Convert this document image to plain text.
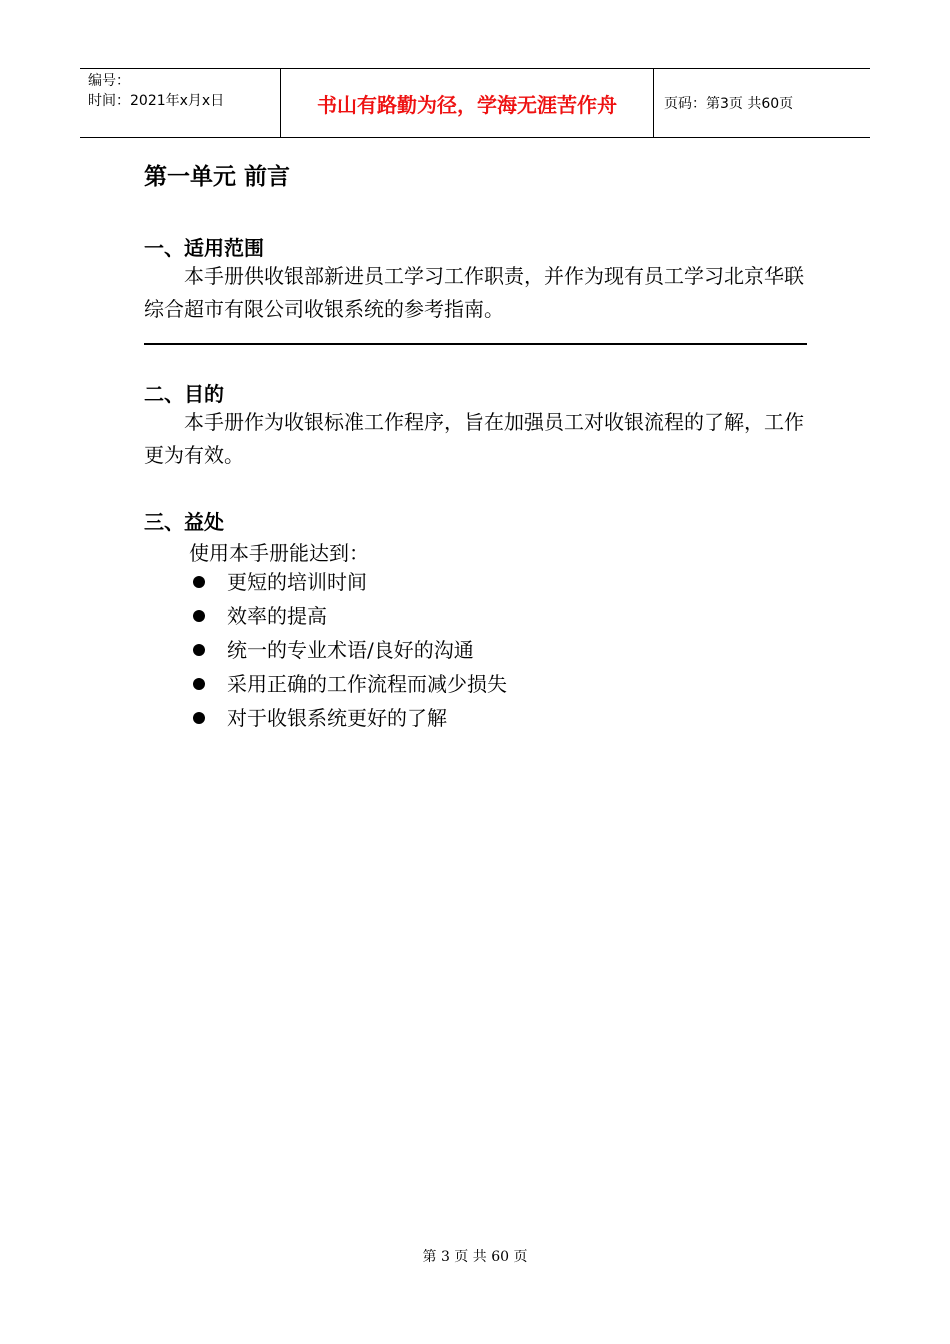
编号：
时间：2021年x月x日	书山有路勤为径，学海无涯苦作舟	页码：第3页 共60页
第一单元 前言
一、适用范围
本手册供收银部新进员工学习工作职责，并作为现有员工学习北京华联综合超市有限公司收银系统的参考指南。
二、目的
本手册作为收银标准工作程序，旨在加强员工对收银流程的了解，工作更为有效。
三、益处
使用本手册能达到：
更短的培训时间
效率的提高
统一的专业术语/良好的沟通
采用正确的工作流程而减少损失
对于收银系统更好的了解
第 3 页 共 60 页
